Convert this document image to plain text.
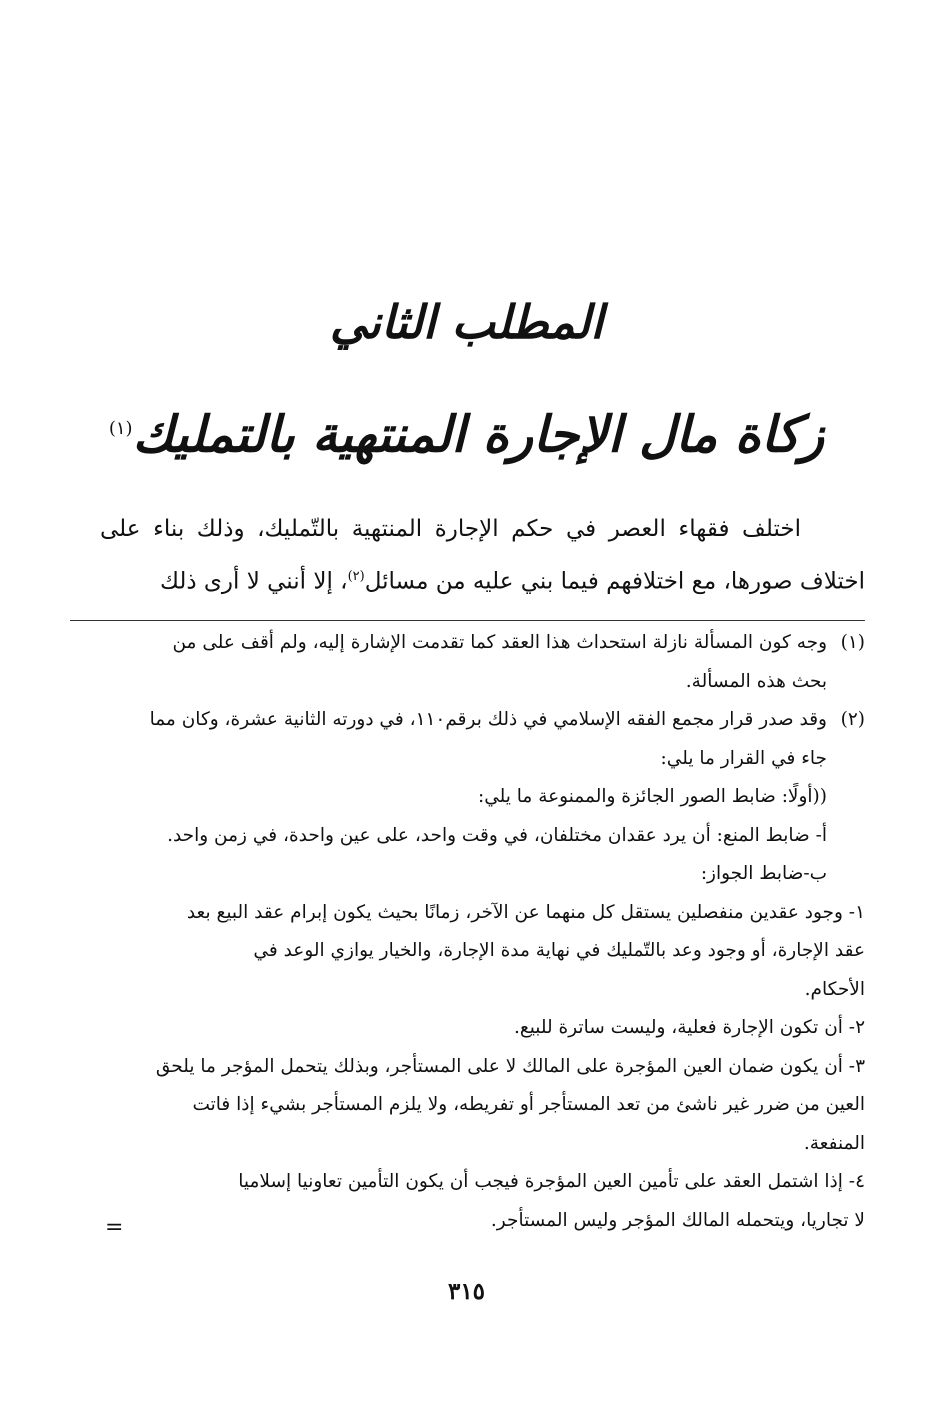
المطلب الثاني
زكاة مال الإجارة المنتهية بالتمليك$^{(١)}$

اختلف فقهاء العصر في حكم الإجارة المنتهية بالتّمليك، وذلك بناء على اختلاف صورها، مع اختلافهم فيما بني عليه من مسائل$^{(٢)}$، إلا أنني لا أرى ذلك

(١)
وجه كون المسألة نازلة استحداث هذا العقد كما تقدمت الإشارة إليه، ولم أقف على من
بحث هذه المسألة.
(٢)
وقد صدر قرار مجمع الفقه الإسلامي في ذلك برقم١١٠، في دورته الثانية عشرة، وكان مما
جاء في القرار ما يلي:
((أولًا: ضابط الصور الجائزة والممنوعة ما يلي:
أ- ضابط المنع: أن يرد عقدان مختلفان، في وقت واحد، على عين واحدة، في زمن واحد.
ب-ضابط الجواز:
١- وجود عقدين منفصلين يستقل كل منهما عن الآخر، زمانًا بحيث يكون إبرام عقد البيع بعد
عقد الإجارة، أو وجود وعد بالتّمليك في نهاية مدة الإجارة، والخيار يوازي الوعد في
الأحكام.
٢- أن تكون الإجارة فعلية، وليست ساترة للبيع.
٣- أن يكون ضمان العين المؤجرة على المالك لا على المستأجر، وبذلك يتحمل المؤجر ما يلحق
العين من ضرر غير ناشئ من تعد المستأجر أو تفريطه، ولا يلزم المستأجر بشيء إذا فاتت
المنفعة.
٤- إذا اشتمل العقد على تأمين العين المؤجرة فيجب أن يكون التأمين تعاونيا إسلاميا
لا تجاريا، ويتحمله المالك المؤجر وليس المستأجر.
=
٣١٥
